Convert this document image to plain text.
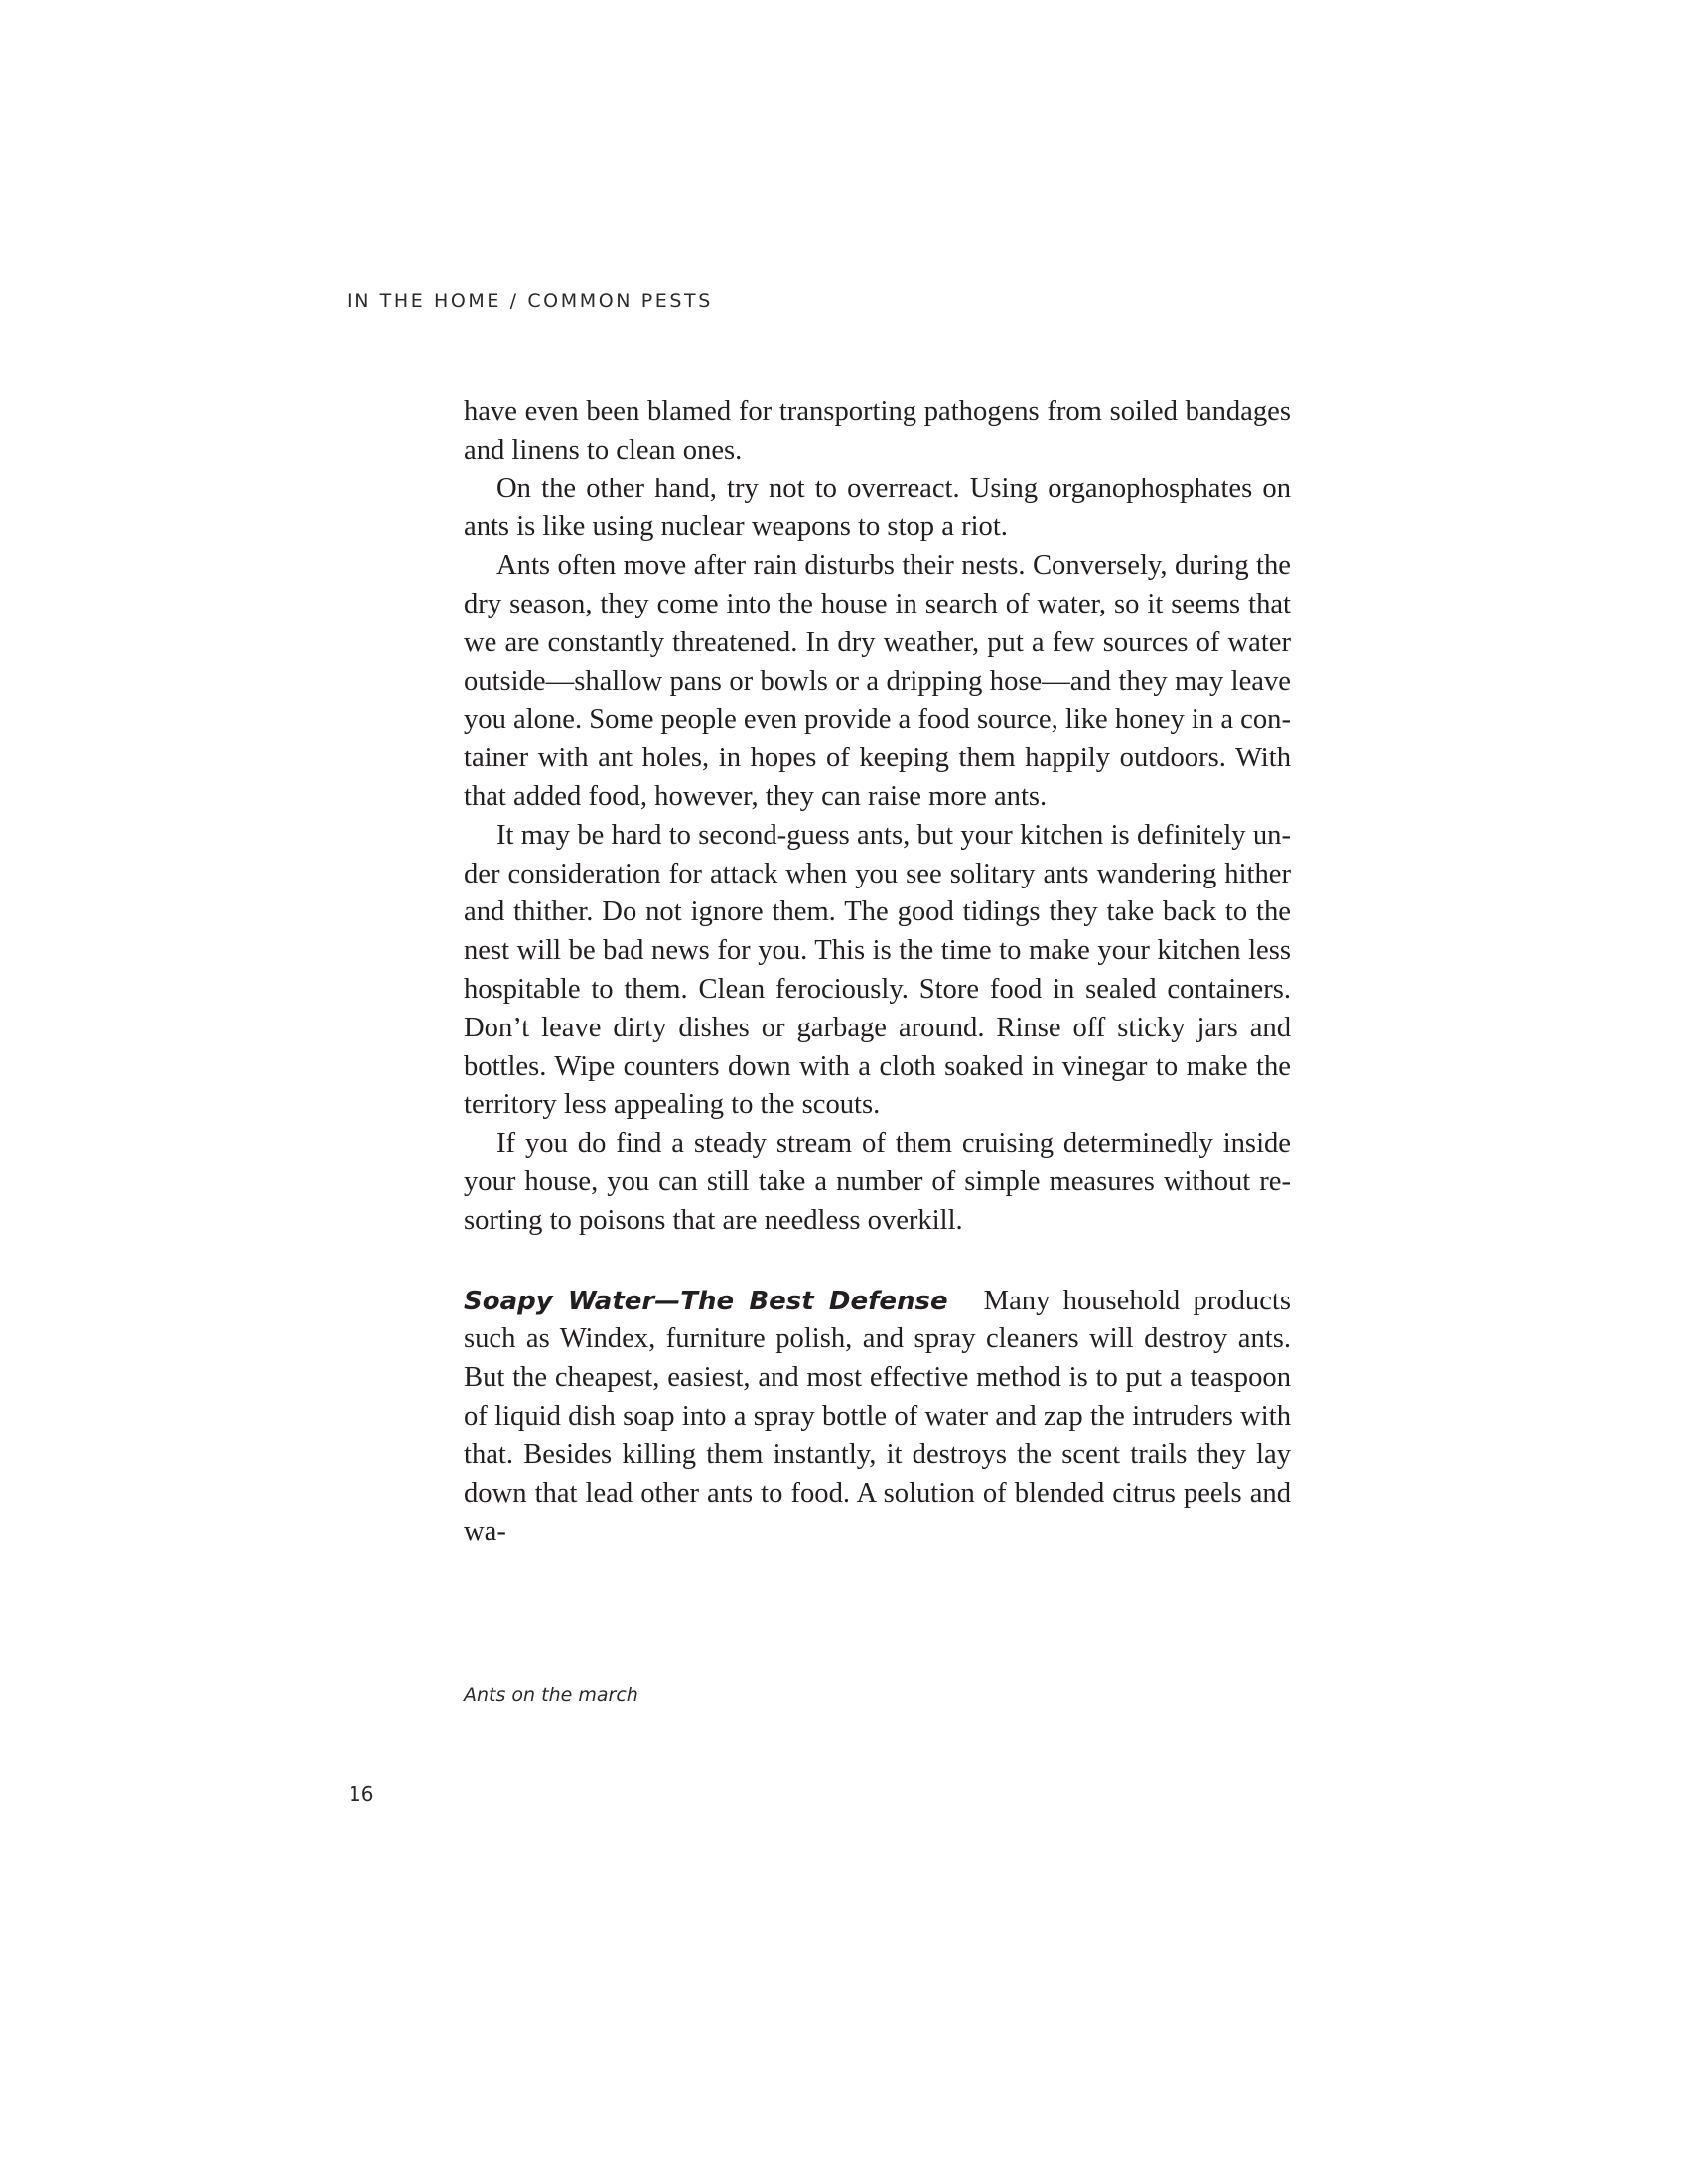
IN THE HOME / COMMON PESTS

have even been blamed for transporting pathogens from soiled bandages and linens to clean ones.

On the other hand, try not to overreact. Using organophosphates on ants is like using nuclear weapons to stop a riot.

Ants often move after rain disturbs their nests. Conversely, during the dry season, they come into the house in search of water, so it seems that we are constantly threatened. In dry weather, put a few sources of water outside—shallow pans or bowls or a dripping hose—and they may leave you alone. Some people even provide a food source, like honey in a container with ant holes, in hopes of keeping them happily outdoors. With that added food, however, they can raise more ants.

It may be hard to second-guess ants, but your kitchen is definitely under consideration for attack when you see solitary ants wandering hither and thither. Do not ignore them. The good tidings they take back to the nest will be bad news for you. This is the time to make your kitchen less hospitable to them. Clean ferociously. Store food in sealed containers. Don’t leave dirty dishes or garbage around. Rinse off sticky jars and bottles. Wipe counters down with a cloth soaked in vinegar to make the territory less appealing to the scouts.

If you do find a steady stream of them cruising determinedly inside your house, you can still take a number of simple measures without resorting to poisons that are needless overkill.

Soapy Water—The Best Defense Many household products such as Windex, furniture polish, and spray cleaners will destroy ants. But the cheapest, easiest, and most effective method is to put a teaspoon of liquid dish soap into a spray bottle of water and zap the intruders with that. Besides killing them instantly, it destroys the scent trails they lay down that lead other ants to food. A solution of blended citrus peels and wa-

Ants on the march
16
